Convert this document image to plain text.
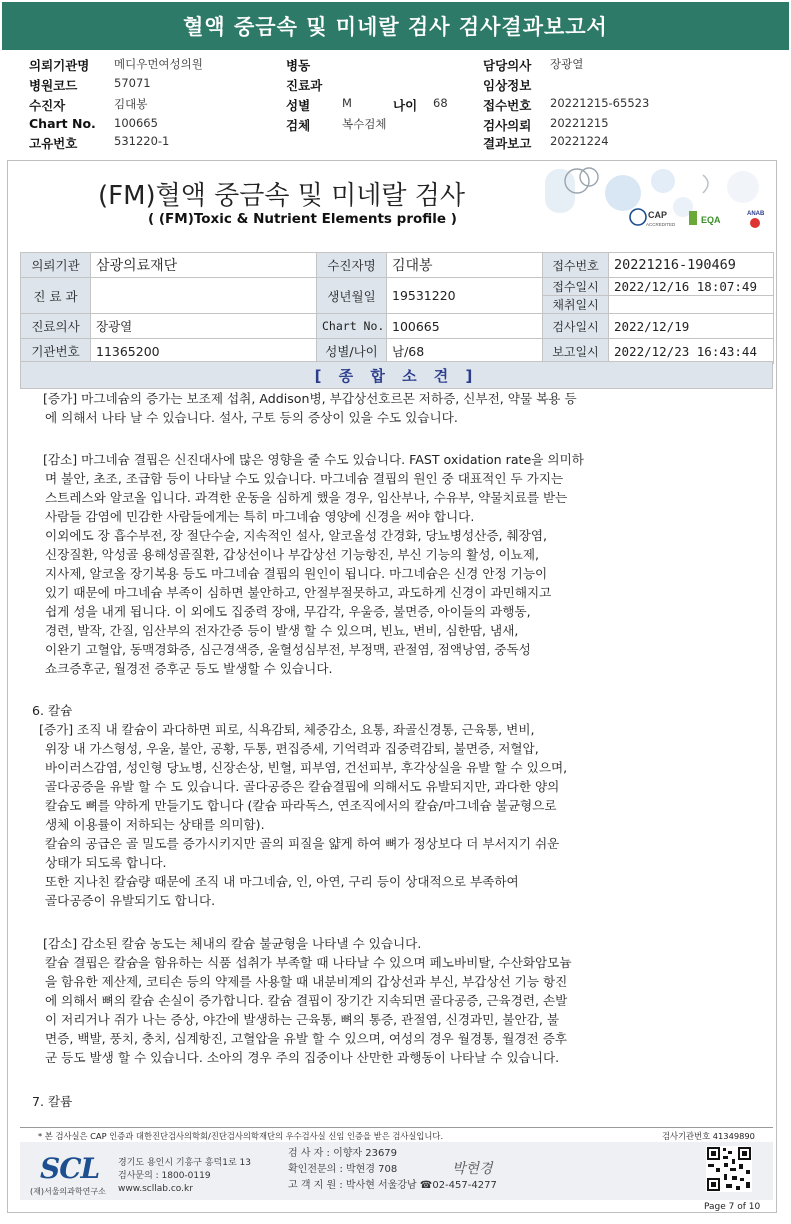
혈액 중금속 및 미네랄 검사 검사결과보고서
의뢰기관명 메디우먼여성의원	병동	담당의사 장광열
병원코드	57071	진료과	임상정보
수진자	김대봉	성별	M	나이 68	접수번호 20221215-65523
Chart No. 100665	검체	복수검체	검사의뢰 20221215
고유번호	531220-1	결과보고 20221224
(FM)혈액 중금속 및 미네랄 검사
( (FM)Toxic & Nutrient Elements profile )	CAP
ACCREDITED	EQA
ANAB
의뢰기관	삼광의료재단	수진자명	김대봉	접수번호	20221216-190469
진 료 과		생년월일	19531220	접수일시	2022/12/16 18:07:49
				채취일시	
진료의사	장광열	Chart No.	100665	검사일시	2022/12/19
기관번호	11365200	성별/나이	남/68	보고일시	2022/12/23 16:43:44
[ 종 합 소 견 ]

[증가] 마그네슘의 증가는 보조제 섭취, Addison병, 부갑상선호르몬 저하증, 신부전, 약물 복용 등

에 의해서 나타 날 수 있습니다. 설사, 구토 등의 증상이 있을 수도 있습니다.

[감소] 마그네슘 결핍은 신진대사에 많은 영향을 줄 수도 있습니다. FAST oxidation rate을 의미하

며 불안, 초조, 조급함 등이 나타날 수도 있습니다. 마그네슘 결핍의 원인 중 대표적인 두 가지는

스트레스와 알코올 입니다. 과격한 운동을 심하게 했을 경우, 임산부나, 수유부, 약물치료를 받는

사람들 감염에 민감한 사람들에게는 특히 마그네슘 영양에 신경을 써야 합니다.

이외에도 장 흡수부전, 장 절단수술, 지속적인 설사, 알코올성 간경화, 당뇨병성산증, 췌장염,

신장질환, 악성골 용해성골질환, 갑상선이나 부갑상선 기능항진, 부신 기능의 활성, 이뇨제,

지사제, 알코올 장기복용 등도 마그네슘 결핍의 원인이 됩니다. 마그네슘은 신경 안정 기능이

있기 때문에 마그네슘 부족이 심하면 불안하고, 안절부절못하고, 과도하게 신경이 과민해지고

쉽게 성을 내게 됩니다. 이 외에도 집중력 장애, 무감각, 우울증, 불면증, 아이들의 과행동,

경련, 발작, 간질, 임산부의 전자간증 등이 발생 할 수 있으며, 빈뇨, 변비, 심한땀, 냄새,

이완기 고혈압, 동맥경화증, 심근경색증, 울혈성심부전, 부정맥, 관절염, 점액낭염, 중독성

쇼크증후군, 월경전 증후군 등도 발생할 수 있습니다.

6. 칼슘

[증가] 조직 내 칼슘이 과다하면 피로, 식욕감퇴, 체중감소, 요통, 좌골신경통, 근육통, 변비,

위장 내 가스형성, 우울, 불안, 공황, 두통, 편집증세, 기억력과 집중력감퇴, 불면증, 저혈압,

바이러스감염, 성인형 당뇨병, 신장손상, 빈혈, 피부염, 건선피부, 후각상실을 유발 할 수 있으며,

골다공증을 유발 할 수 도 있습니다. 골다공증은 칼슘결핍에 의해서도 유발되지만, 과다한 양의

칼슘도 뼈를 약하게 만들기도 합니다 (칼슘 파라독스, 연조직에서의 칼슘/마그네슘 불균형으로

생체 이용률이 저하되는 상태를 의미함).

칼슘의 공급은 골 밀도를 증가시키지만 골의 피질을 얇게 하여 뼈가 정상보다 더 부서지기 쉬운

상태가 되도록 합니다.

또한 지나친 칼슘량 때문에 조직 내 마그네슘, 인, 아연, 구리 등이 상대적으로 부족하여

골다공증이 유발되기도 합니다.

[감소] 감소된 칼슘 농도는 체내의 칼슘 불균형을 나타낼 수 있습니다.

칼슘 결핍은 칼슘을 함유하는 식품 섭취가 부족할 때 나타날 수 있으며 페노바비탈, 수산화암모늄

을 함유한 제산제, 코티손 등의 약제를 사용할 때 내분비계의 갑상선과 부신, 부갑상선 기능 항진

에 의해서 뼈의 칼슘 손실이 증가합니다. 칼슘 결핍이 장기간 지속되면 골다공증, 근육경련, 손발

이 저리거나 쥐가 나는 증상, 야간에 발생하는 근육통, 뼈의 통증, 관절염, 신경과민, 불안감, 불

면증, 백발, 풍치, 충치, 심계항진, 고혈압을 유발 할 수 있으며, 여성의 경우 월경통, 월경전 증후

군 등도 발생 할 수 있습니다. 소아의 경우 주의 집중이나 산만한 과행동이 나타날 수 있습니다.

7. 칼륨

* 본 검사실은 CAP 인증과 대한진단검사의학회/진단검사의학재단의 우수검사실 신임 인증을 받은 검사실입니다.	검사기관번호 41349890
SCL
(재)서울의과학연구소
경기도 용인시 기흥구 흥덕1로 13
검사문의 : 1800-0119
www.scllab.co.kr
검 사 자 : 이향자 23679
확인전문의 : 박현경 708
고 객 지 원 : 박사현 서울강남 ☎02-457-4277
박현경
Page 7 of 10
